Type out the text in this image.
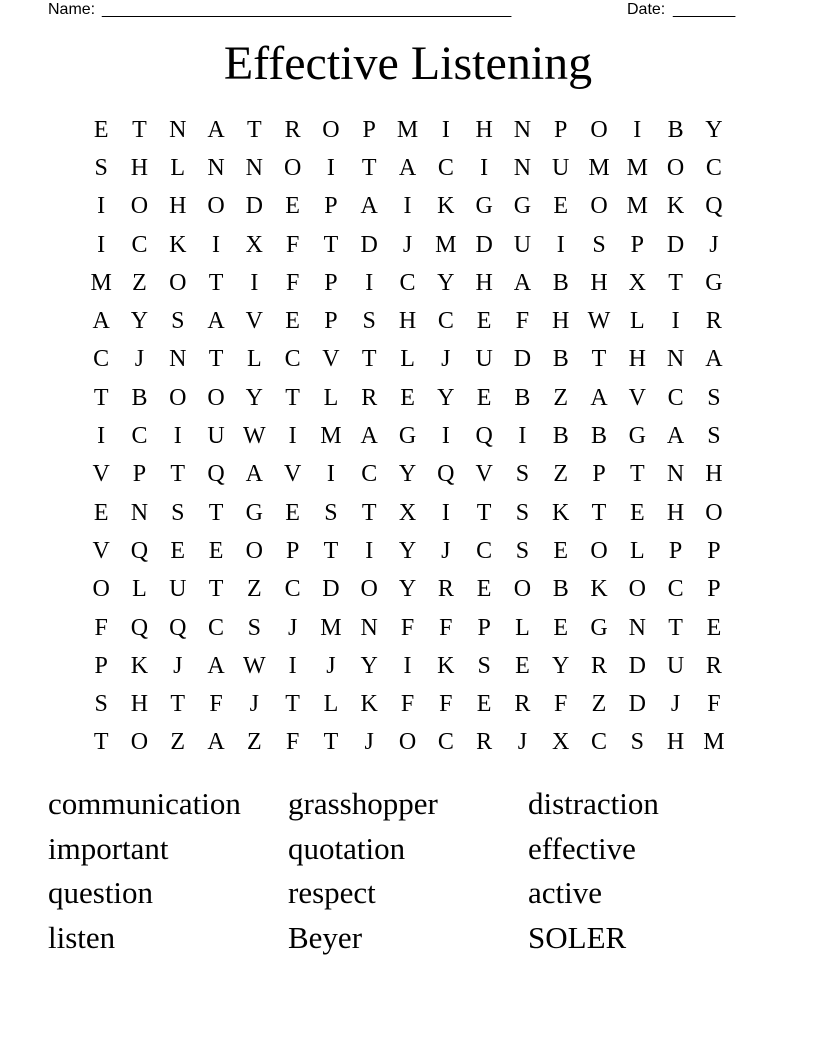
Name: ______________________________________________	Date: _______
Effective Listening
E T N A T R O P M I	H N P O	I	B Y
S H L N N O	I	T A C	I	N U M M O C
I	O H O D E	P A	I	K G G E O M K Q
I	C K	I	X F	T D	J M D U	I	S	P D	J
M Z O T	I	F	P	I	C Y H A B H X T G
A Y S A V E	P	S H C E	F H W L	I	R
C	J	N T L C V T L	J	U D B T H N A
T B O O Y T L R E Y E B Z A V C S
I	C	I	U W I M A G	I	Q	I	B B G A S
V P	T Q A V	I	C Y Q V S	Z	P	T N H
E N S	T G E	S	T X	I	T	S K T E H O
V Q E E O P	T	I	Y	J	C S	E O L	P	P
O L U T Z C D O Y R E O B K O C P
F Q Q C S	J M N F	F	P	L E G N T E
P K	J	A W I	J	Y	I	K S	E Y R D U R
S H T	F	J	T L K F	F	E R F	Z D	J	F
T O Z A Z	F	T	J	O C R	J	X C S H M
communication	grasshopper	distraction
important	quotation	effective
question	respect	active
listen	Beyer	SOLER
